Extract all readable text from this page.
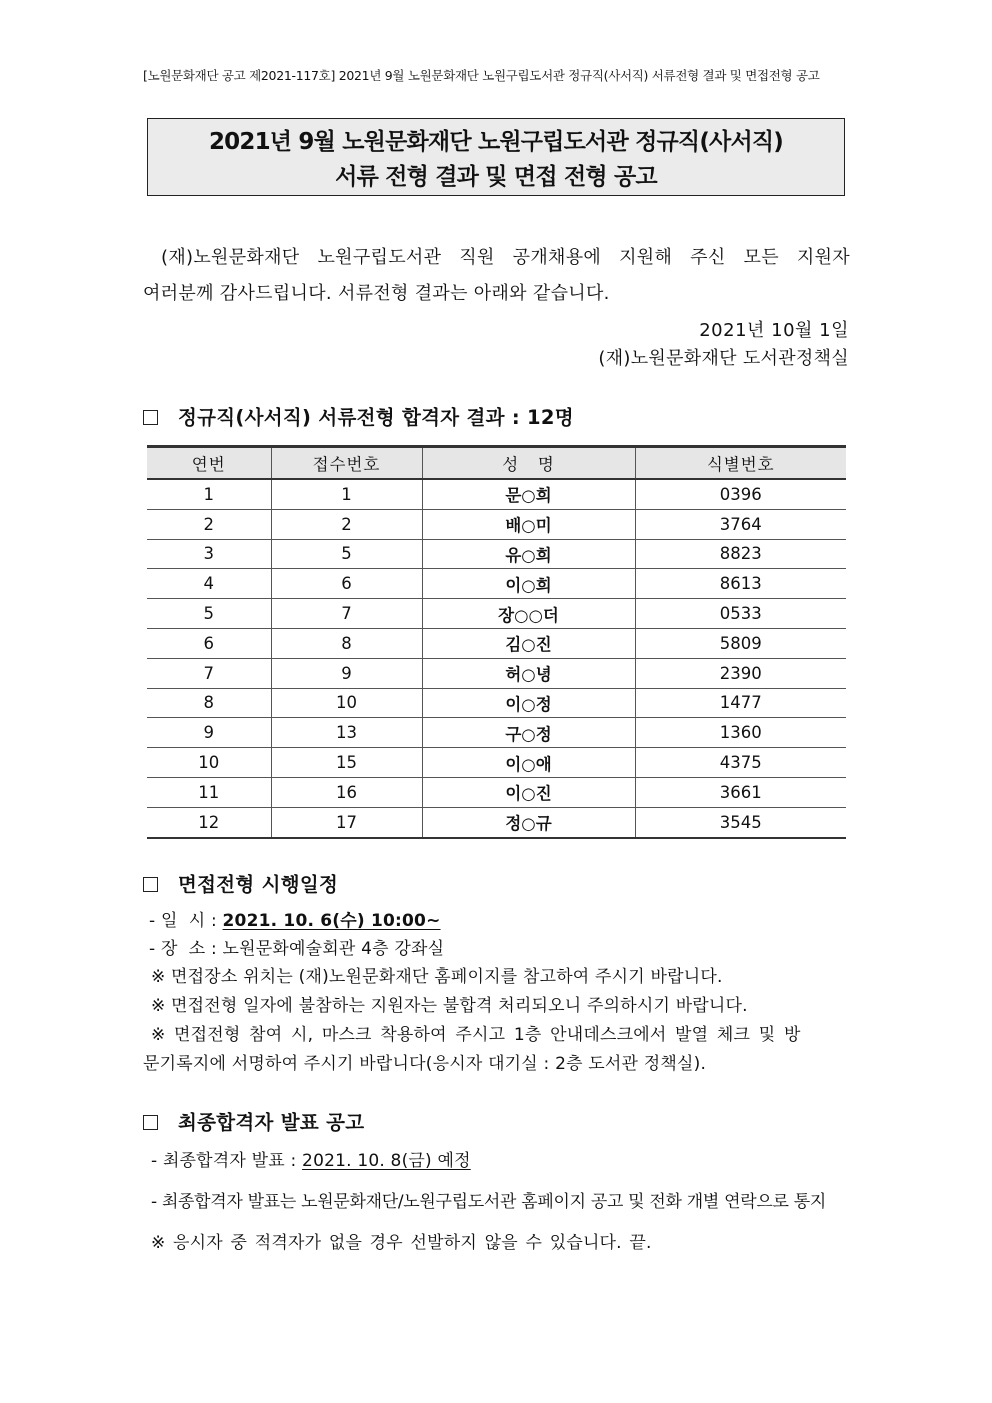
[노원문화재단 공고 제2021-117호] 2021년 9월 노원문화재단 노원구립도서관 정규직(사서직) 서류전형 결과 및 면접전형 공고
2021년 9월 노원문화재단 노원구립도서관 정규직(사서직)
서류 전형 결과 및 면접 전형 공고

(재)노원문화재단 노원구립도서관 직원 공개채용에 지원해 주신 모든 지원자

여러분께 감사드립니다. 서류전형 결과는 아래와 같습니다.

2021년 10월 1일
(재)노원문화재단 도서관정책실
정규직(사서직) 서류전형 합격자 결과 : 12명
연번	접수번호	성   명	식별번호
1	1	문○희	0396
2	2	배○미	3764
3	5	유○희	8823
4	6	이○희	8613
5	7	장○○더	0533
6	8	김○진	5809
7	9	허○녕	2390
8	10	이○정	1477
9	13	구○정	1360
10	15	이○애	4375
11	16	이○진	3661
12	17	정○규	3545
면접전형 시행일정
- 일  시 : 2021. 10. 6(수) 10:00~
- 장  소 : 노원문화예술회관 4층 강좌실
※ 면접장소 위치는 (재)노원문화재단 홈페이지를 참고하여 주시기 바랍니다.
※ 면접전형 일자에 불참하는 지원자는 불합격 처리되오니 주의하시기 바랍니다.
※ 면접전형 참여 시, 마스크 착용하여 주시고 1층 안내데스크에서 발열 체크 및 방
문기록지에 서명하여 주시기 바랍니다(응시자 대기실 : 2층 도서관 정책실).
최종합격자 발표 공고
- 최종합격자 발표 : 2021. 10. 8(금) 예정
- 최종합격자 발표는 노원문화재단/노원구립도서관 홈페이지 공고 및 전화 개별 연락으로 통지
※ 응시자 중 적격자가 없을 경우 선발하지 않을 수 있습니다. 끝.
